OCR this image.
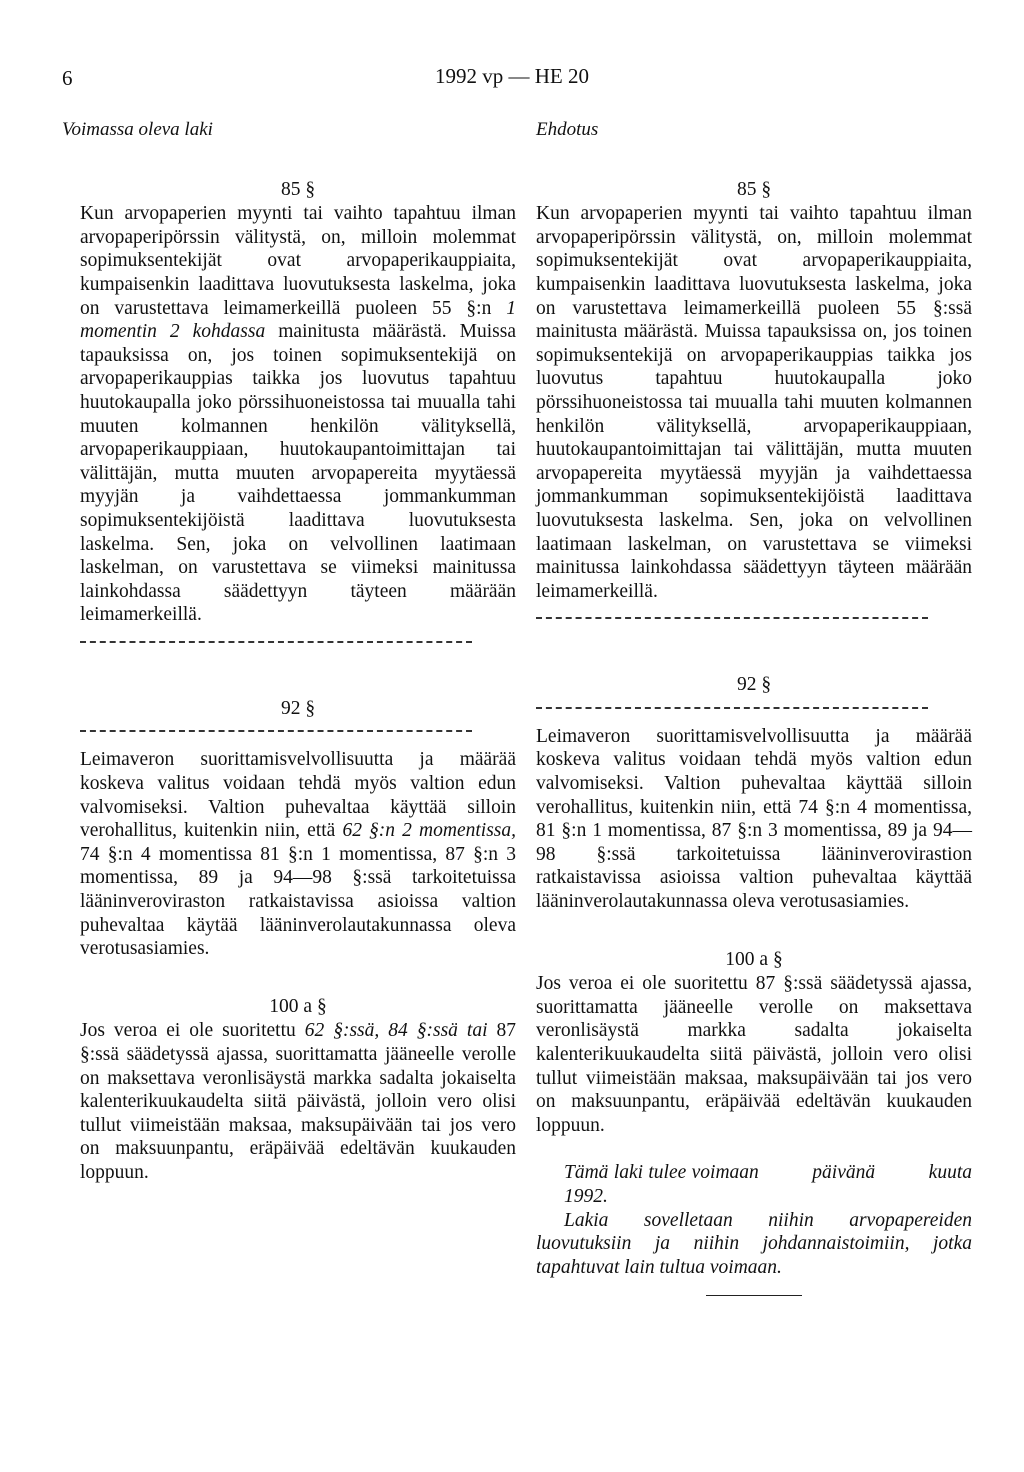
6	1992 vp — HE 20
Voimassa oleva laki
85 §

Kun arvopaperien myynti tai vaihto tapahtuu ilman arvopaperipörssin välitystä, on, milloin molemmat sopimuksentekijät ovat arvopaperikauppiaita, kumpaisenkin laadittava luovutuksesta laskelma, joka on varustettava leimamerkeillä puoleen 55 §:n 1 momentin 2 kohdassa mainitusta määrästä. Muissa tapauksissa on, jos toinen sopimuksentekijä on arvopaperikauppias taikka jos luovutus tapahtuu huutokaupalla joko pörssihuoneistossa tai muualla tahi muuten kolmannen henkilön välityksellä, arvopaperikauppiaan, huutokaupantoimittajan tai välittäjän, mutta muuten arvopapereita myytäessä myyjän ja vaihdettaessa jommankumman sopimuksentekijöistä laadittava luovutuksesta laskelma. Sen, joka on velvollinen laatimaan laskelman, on varustettava se viimeksi mainitussa lainkohdassa säädettyyn täyteen määrään leimamerkeillä.

92 §

Leimaveron suorittamisvelvollisuutta ja määrää koskeva valitus voidaan tehdä myös valtion edun valvomiseksi. Valtion puhevaltaa käyttää silloin verohallitus, kuitenkin niin, että 62 §:n 2 momentissa, 74 §:n 4 momentissa 81 §:n 1 momentissa, 87 §:n 3 momentissa, 89 ja 94—98 §:ssä tarkoitetuissa lääninveroviraston ratkaistavissa asioissa valtion puhevaltaa käytää lääninverolautakunnassa oleva verotusasiamies.

100 a §

Jos veroa ei ole suoritettu 62 §:ssä, 84 §:ssä tai 87 §:ssä säädetyssä ajassa, suorittamatta jääneelle verolle on maksettava veronlisäystä markka sadalta jokaiselta kalenterikuukaudelta siitä päivästä, jolloin vero olisi tullut viimeistään maksaa, maksupäivään tai jos vero on maksuunpantu, eräpäivää edeltävän kuukauden loppuun.

Ehdotus
85 §

Kun arvopaperien myynti tai vaihto tapahtuu ilman arvopaperipörssin välitystä, on, milloin molemmat sopimuksentekijät ovat arvopaperikauppiaita, kumpaisenkin laadittava luovutuksesta laskelma, joka on varustettava leimamerkeillä puoleen 55 §:ssä mainitusta määrästä. Muissa tapauksissa on, jos toinen sopimuksentekijä on arvopaperikauppias taikka jos luovutus tapahtuu huutokaupalla joko pörssihuoneistossa tai muualla tahi muuten kolmannen henkilön välityksellä, arvopaperikauppiaan, huutokaupantoimittajan tai välittäjän, mutta muuten arvopapereita myytäessä myyjän ja vaihdettaessa jommankumman sopimuksentekijöistä laadittava luovutuksesta laskelma. Sen, joka on velvollinen laatimaan laskelman, on varustettava se viimeksi mainitussa lainkohdassa säädettyyn täyteen määrään leimamerkeillä.

92 §

Leimaveron suorittamisvelvollisuutta ja määrää koskeva valitus voidaan tehdä myös valtion edun valvomiseksi. Valtion puhevaltaa käyttää silloin verohallitus, kuitenkin niin, että 74 §:n 4 momentissa, 81 §:n 1 momentissa, 87 §:n 3 momentissa, 89 ja 94—98 §:ssä tarkoitetuissa lääninverovirastion ratkaistavissa asioissa valtion puhevaltaa käyttää lääninverolautakunnassa oleva verotusasiamies.

100 a §

Jos veroa ei ole suoritettu 87 §:ssä säädetyssä ajassa, suorittamatta jääneelle verolle on maksettava veronlisäystä markka sadalta jokaiselta kalenterikuukaudelta siitä päivästä, jolloin vero olisi tullut viimeistään maksaa, maksupäivään tai jos vero on maksuunpantu, eräpäivää edeltävän kuukauden loppuun.

Tämä laki tulee voimaan          päivänä          kuuta 1992.

Lakia sovelletaan niihin arvopapereiden luovutuksiin ja niihin johdannaistoimiin, jotka tapahtuvat lain tultua voimaan.
